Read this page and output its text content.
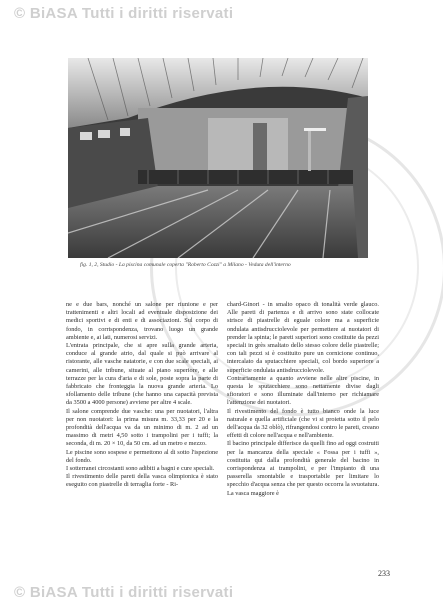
© BiASA Tutti i diritti riservati
fig. 1, 2, Studio - La piscina comunale coperta "Roberto Cozzi" a Milano - Veduta dell'interno

ne e due bars, nonché un salone per riunione e per trattenimenti e altri locali ad eventuale disposizione dei medici sportivi e di enti e di associazioni. Sul corpo di fondo, in corrispondenza, trovano luogo un grande ambiente e, ai lati, numerosi servizi.

L'entrata principale, che si apre sulla grande arteria, conduce al grande atrio, dal quale si può arrivare al ristorante, alle vasche natatorie, e con due scale speciali, ai camerini, alle tribune, situate al piano superiore, e alle terrazze per la cura d'aria e di sole, poste sopra la parte di fabbricato che fronteggia la nuova grande arteria. Lo sfollamento delle tribune (che hanno una capacità prevista da 3500 a 4000 persone) avviene per altre 4 scale.

Il salone comprende due vasche: una per nuotatori, l'altra per non nuotatori: la prima misura m. 33,33 per 20 e la profondità dell'acqua va da un minimo di m. 2 ad un massimo di metri 4,50 sotto i trampolini per i tuffi; la seconda, di m. 20 × 10, da 50 cm. ad un metro e mezzo.

Le piscine sono sospese e permettono al di sotto l'ispezione del fondo.

I sotterranei circostanti sono adibiti a bagni e cure speciali.

Il rivestimento delle pareti della vasca olimpionica è stato eseguito con piastrelle di terraglia forte - Ri-

chard-Ginori - in smalto opaco di tonalità verde glauco. Alle pareti di partenza e di arrivo sono state collocate strisce di piastrelle di eguale colore ma a superficie ondulata antisdrucciolevole per permettere ai nuotatori di prender la spinta; le pareti superiori sono costituite da pezzi speciali in grès smaltato dello stesso colore delle piastrelle; con tali pezzi si è costituito pure un cornicione continuo, intercalato da sputacchiere speciali, col bordo superiore a superficie ondulata antisdrucciolevole.

Contrariamente a quanto avviene nelle altre piscine, in questa le sputacchiere sono nettamente divise dagli sfioratori e sono illuminate dall'interno per richiamare l'attenzione dei nuotatori.

Il rivestimento del fondo è tutto bianco onde la luce naturale e quella artificiale (che vi si proietta sotto il pelo dell'acqua da 32 oblò), rifrangendosi contro le pareti, creano effetti di colore nell'acqua e nell'ambiente.

Il bacino principale differisce da quelli fino ad oggi costruiti per la mancanza della speciale « Fossa per i tuffi », costituita qui dalla profondità generale del bacino in corrispondenza ai trampolini, e per l'impianto di una passerella smontabile e trasportabile per limitare lo specchio d'acqua senza che per questo occorra la svuotatura. La vasca maggiore è

233
© BiASA Tutti i diritti riservati
